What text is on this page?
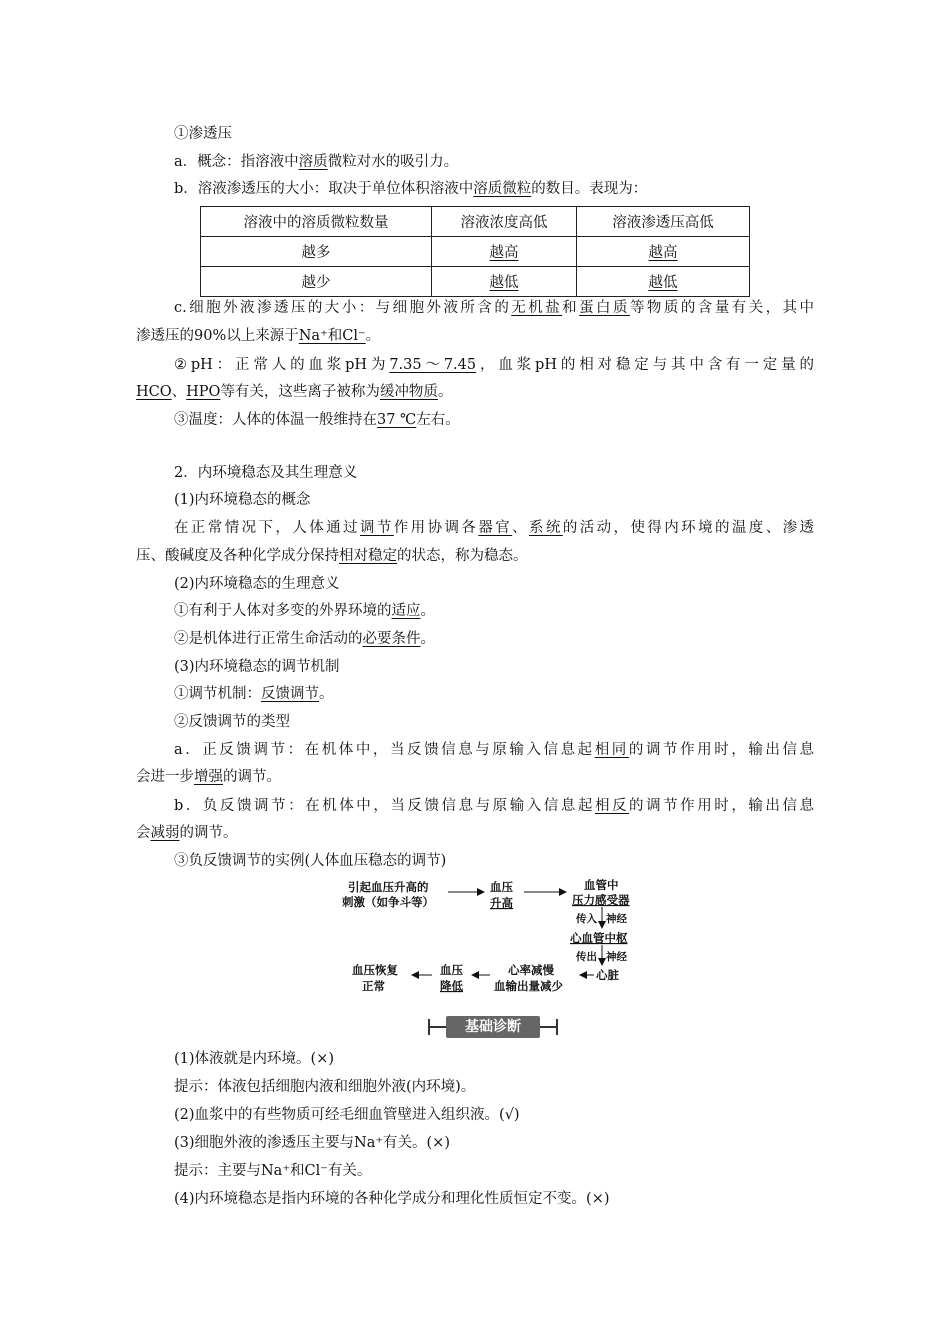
①渗透压
a．概念：指溶液中溶质微粒对水的吸引力。
b．溶液渗透压的大小：取决于单位体积溶液中溶质微粒的数目。表现为：
溶液中的溶质微粒数量	溶液浓度高低	溶液渗透压高低
越多	越高	越高
越少	越低	越低
c.细胞外液渗透压的大小：与细胞外液所含的无机盐和蛋白质等物质的含量有关，其中
渗透压的90%以上来源于Na⁺和Cl⁻。
②pH：正常人的血浆pH为7.35～7.45，血浆pH的相对稳定与其中含有一定量的
HCO、HPO等有关，这些离子被称为缓冲物质。
③温度：人体的体温一般维持在37 ℃左右。
2．内环境稳态及其生理意义
(1)内环境稳态的概念
在正常情况下，人体通过调节作用协调各器官、系统的活动，使得内环境的温度、渗透
压、酸碱度及各种化学成分保持相对稳定的状态，称为稳态。
(2)内环境稳态的生理意义
①有利于人体对多变的外界环境的适应。
②是机体进行正常生命活动的必要条件。
(3)内环境稳态的调节机制
①调节机制：反馈调节。
②反馈调节的类型
a．正反馈调节：在机体中，当反馈信息与原输入信息起相同的调节作用时，输出信息
会进一步增强的调节。
b．负反馈调节：在机体中，当反馈信息与原输入信息起相反的调节作用时，输出信息
会减弱的调节。
③负反馈调节的实例(人体血压稳态的调节)
引起血压升高的
刺激（如争斗等）
血压
升高
血管中
压力感受器
传入 神经
心血管中枢
传出 神经
心脏
心率减慢
血输出量减少
血压
降低
血压恢复
正常
基础诊断
(1)体液就是内环境。(×)
提示：体液包括细胞内液和细胞外液(内环境)。
(2)血浆中的有些物质可经毛细血管壁进入组织液。(√)
(3)细胞外液的渗透压主要与Na⁺有关。(×)
提示：主要与Na⁺和Cl⁻有关。
(4)内环境稳态是指内环境的各种化学成分和理化性质恒定不变。(×)
